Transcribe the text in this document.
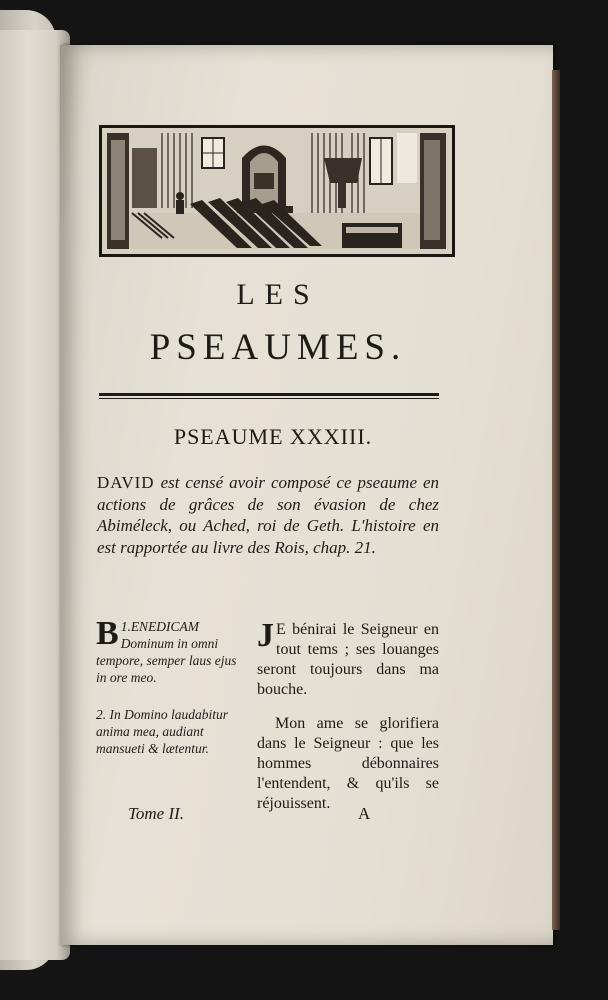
LES
PSEAUMES.
PSEAUME XXXIII.
DAVID est censé avoir composé ce pseaume en actions de grâces de son évasion de chez Abiméleck, ou Ached, roi de Geth. L'histoire en est rapportée au livre des Rois, chap. 21.
1.
B ENEDICAM Dominum in omni tempore, semper laus ejus in ore meo.
2. In Domino laudabitur anima mea, audiant mansueti & lætentur.
J E bénirai le Seigneur en tout tems ; ses louanges seront toujours dans ma bouche.
Mon ame se glorifiera dans le Seigneur : que les hommes débonnaires l'entendent, & qu'ils se réjouissent.
Tome II.	A
